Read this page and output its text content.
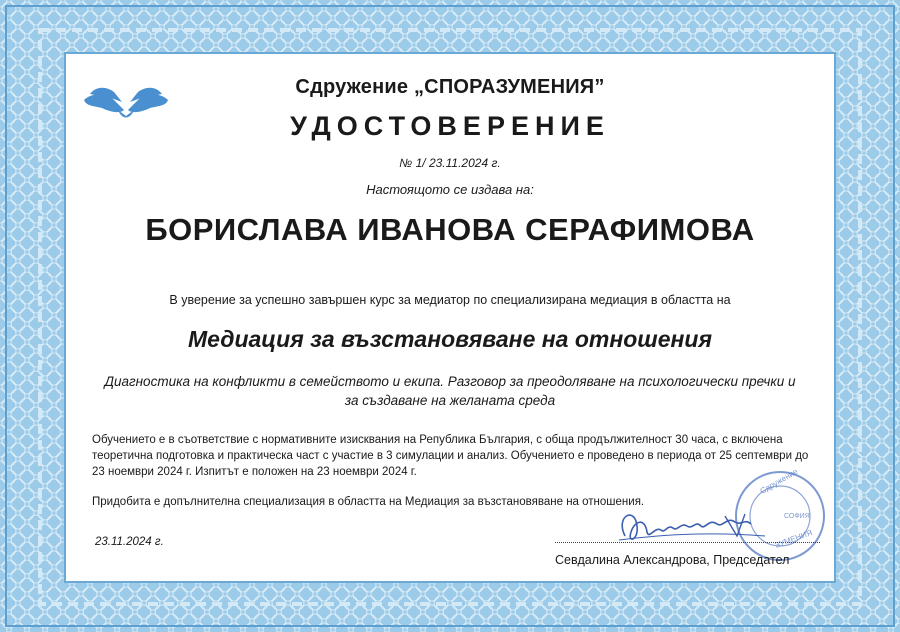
Сдружение „СПОРАЗУМЕНИЯ”
УДОСТОВЕРЕНИЕ
№ 1/ 23.11.2024 г.
Настоящото се издава на:
БОРИСЛАВА ИВАНОВА СЕРАФИМОВА
В уверение за успешно завършен курс за медиатор по специализирана медиация в областта на
Медиация за възстановяване на отношения
Диагностика на конфликти в семейството и екипа. Разговор за преодоляване на психологически пречки и за създаване на желаната среда
Обучението е в съответствие с нормативните изисквания на Република България, с обща продължителност 30 часа, с включена теоретична подготовка и практическа част с участие в 3 симулации и анализ. Обучението е проведено в периода от 25 септември до 23 ноември 2024 г. Изпитът е положен на 23 ноември 2024 г.
Придобита е допълнителна специализация в областта на Медиация за възстановяване на отношения.
23.11.2024 г.
Сдружение
СОФИЯ
ЗУМЕНИЯ
Севдалина Александрова, Председател
